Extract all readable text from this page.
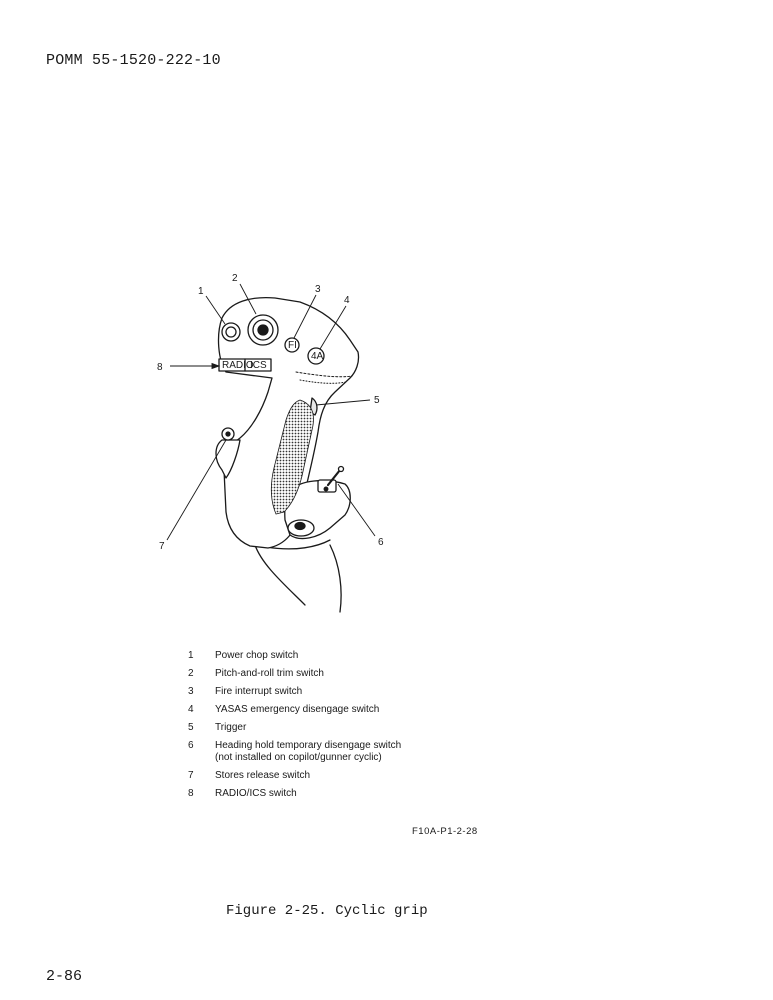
POMM 55-1520-222-10
RADIO
ICS
FI
4A
1
2
3
4
5
6
7
8
1	Power chop switch
2	Pitch-and-roll trim switch
3	Fire interrupt switch
4	YASAS emergency disengage switch
5	Trigger
6	Heading hold temporary disengage switch
(not installed on copilot/gunner cyclic)
7	Stores release switch
8	RADIO/ICS switch
F10A-P1-2-28
Figure 2-25. Cyclic grip
2-86
